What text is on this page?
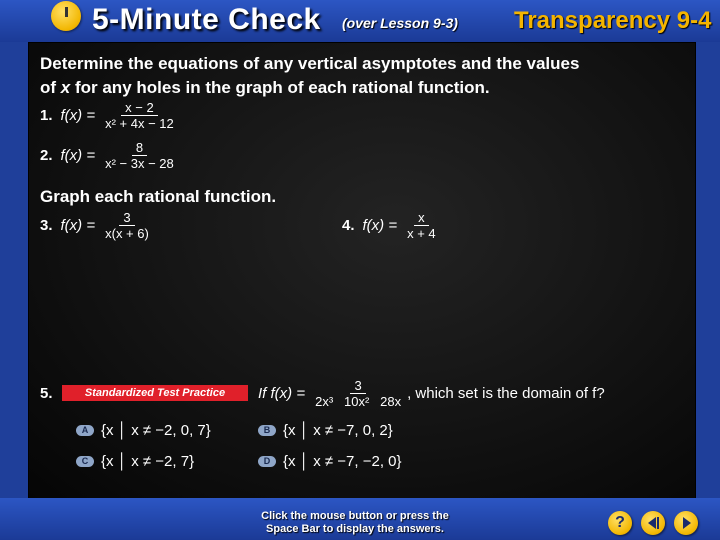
5-Minute Check (over Lesson 9-3) Transparency 9-4
Determine the equations of any vertical asymptotes and the values
of x for any holes in the graph of each rational function.
1. $f(x) = \frac{x - 2}{\text{x² + 4x − 12}}$
2. $f(x) = \frac{8}{\text{x² − 3x − 28}}$
Graph each rational function.
3. $f(x) = \frac{3}{x(x + 6)}$	4. $f(x) = \frac{x}{x + 4}$
5.	Standardized Test Practice	If $f(x) = \frac{3}{\text{2x³   10x²   28x}}$ , which set is the domain of f?
A {x │ x ≠ −2, 0, 7}	B {x │ x ≠ −7, 0, 2}
C {x │ x ≠ −2, 7}	D {x │ x ≠ −7, −2, 0}
Click the mouse button or press the
Space Bar to display the answers.	?
